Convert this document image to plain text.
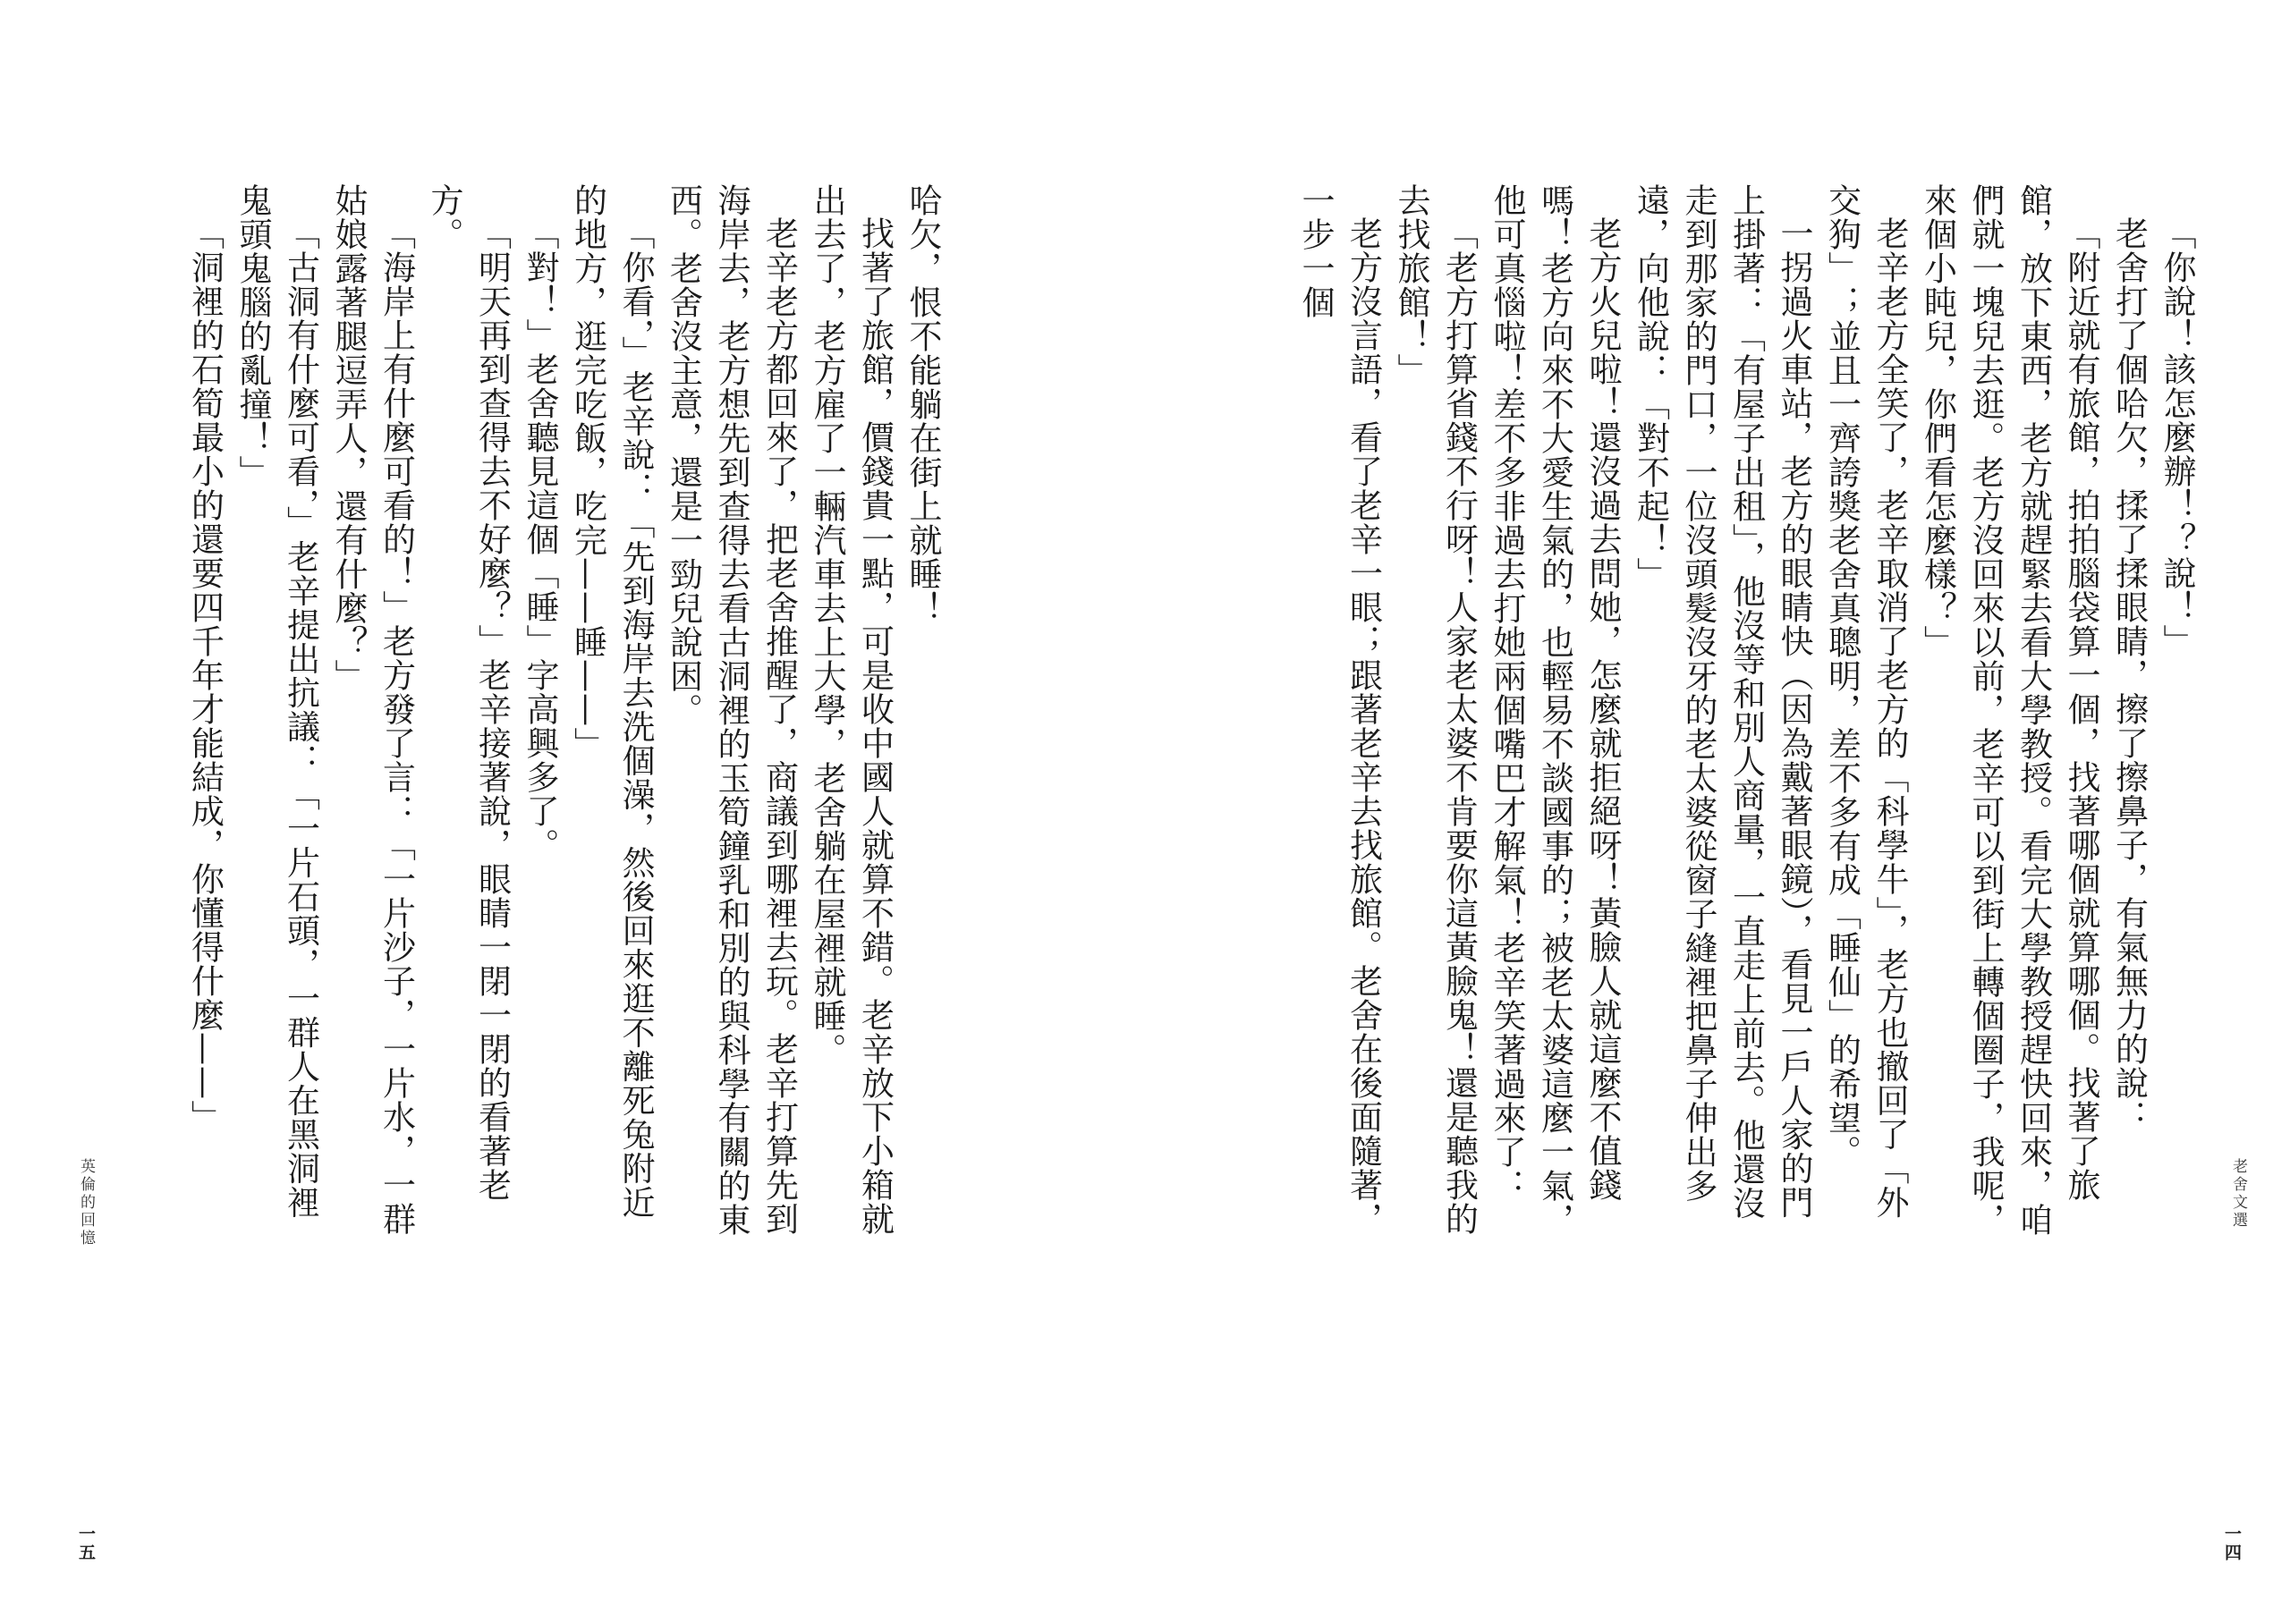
哈欠，恨不能躺在街上就睡！

找著了旅館，價錢貴一點，可是收中國人就算不錯。老辛放下小箱就出去了，老方雇了一輛汽車去上大學，老舍躺在屋裡就睡。

老辛老方都回來了，把老舍推醒了，商議到哪裡去玩。老辛打算先到海岸去，老方想先到查得去看古洞裡的玉筍鐘乳和別的與科學有關的東西。老舍沒主意，還是一勁兒說困。

「你看，」老辛說：「先到海岸去洗個澡，然後回來逛不離死兔附近的地方，逛完吃飯，吃完——睡——」

「對！」老舍聽見這個「睡」字高興多了。

「明天再到查得去不好麼？」老辛接著說，眼睛一閉一閉的看著老方。

「海岸上有什麼可看的！」老方發了言：「一片沙子，一片水，一群姑娘露著腿逗弄人，還有什麼？」

「古洞有什麼可看，」老辛提出抗議：「一片石頭，一群人在黑洞裡鬼頭鬼腦的亂撞！」

「洞裡的石筍最小的還要四千年才能結成，你懂得什麼——」

英倫的回憶
一五

「你說！該怎麼辦！？說！」

老舍打了個哈欠，揉了揉眼睛，擦了擦鼻子，有氣無力的說：

「附近就有旅館，拍拍腦袋算一個，找著哪個就算哪個。找著了旅館，放下東西，老方就趕緊去看大學教授。看完大學教授趕快回來，咱們就一塊兒去逛。老方沒回來以前，老辛可以到街上轉個圈子，我呢，來個小盹兒，你們看怎麼樣？」

老辛老方全笑了，老辛取消了老方的「科學牛」，老方也撤回了「外交狗」；並且一齊誇獎老舍真聰明，差不多有成「睡仙」的希望。

一拐過火車站，老方的眼睛快（因為戴著眼鏡），看見一戶人家的門上掛著：「有屋子出租」，他沒等和別人商量，一直走上前去。他還沒走到那家的門口，一位沒頭髮沒牙的老太婆從窗子縫裡把鼻子伸出多遠，向他說：「對不起！」

老方火兒啦！還沒過去問她，怎麼就拒絕呀！黃臉人就這麼不值錢嗎！老方向來不大愛生氣的，也輕易不談國事的；被老太婆這麼一氣，他可真惱啦！差不多非過去打她兩個嘴巴才解氣！老辛笑著過來了：

「老方打算省錢不行呀！人家老太婆不肯要你這黃臉鬼！還是聽我的去找旅館！」

老方沒言語，看了老辛一眼；跟著老辛去找旅館。老舍在後面隨著，一步一個

老舍文選
一四
